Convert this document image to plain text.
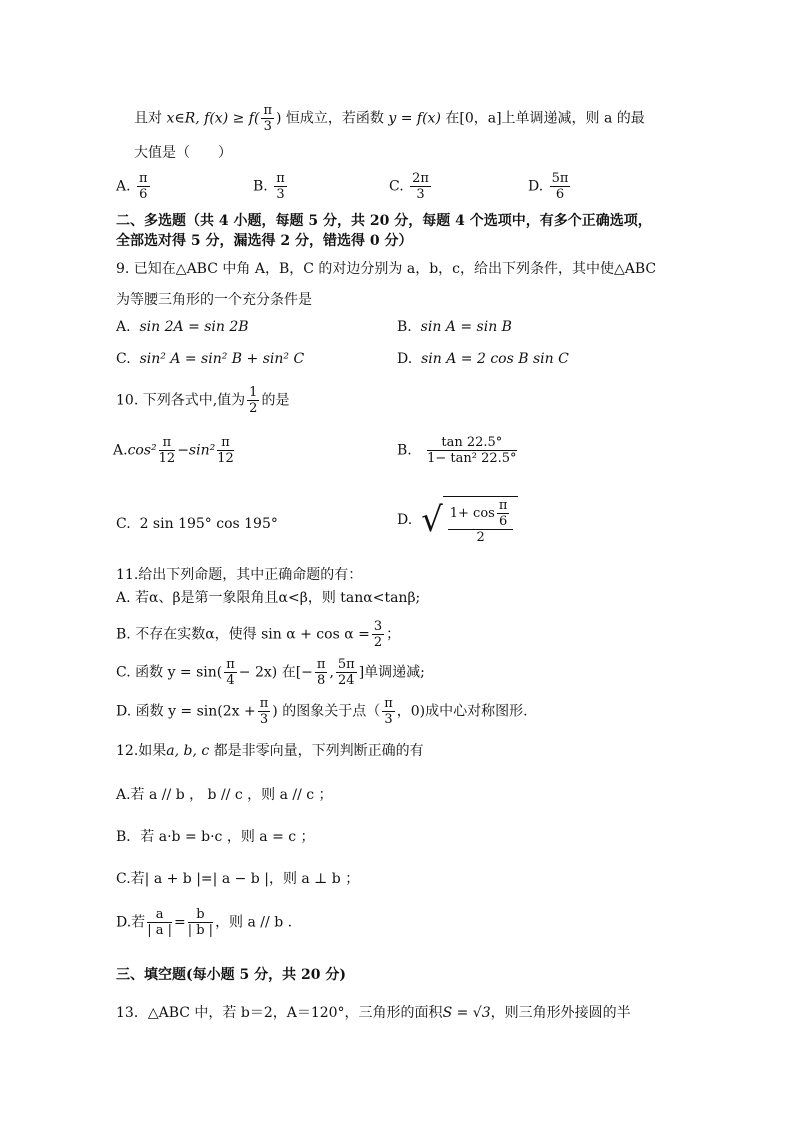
且对 x∈R, $f(x) \ge f( \frac{\pi}{3}$ ) 恒成立，若函数 y = f(x) 在[0，a]上单调递减，则 a 的最
大值是（　　）
A. $\frac{\pi}{6}$	B. $\frac{\pi}{3}$	C. $\frac{2\pi}{3}$	D. $\frac{5\pi}{6}$
二、多选题（共 4 小题，每题 5 分，共 20 分，每题 4 个选项中，有多个正确选项，
全部选对得 5 分，漏选得 2 分，错选得 0 分）
9. 已知在△ABC 中角 A，B，C 的对边分别为 a，b，c，给出下列条件，其中使△ABC
为等腰三角形的一个充分条件是
A. sin 2A = sin 2B	B. sin A = sin B
C. sin² A = sin² B + sin² C	D. sin A = 2 cos B sin C
10. 下列各式中,值为 $\frac{1}{2}$ 的是
$A.\cos^2 \frac{\pi}{12} -\sin^2 \frac{\pi}{12}$	B. $\frac{\tan 22.5^\circ}{\text{1− tan² 22.5°}}$
C. 2 sin 195° cos 195°	D. √ $\frac{1+ \cos \frac{\pi}{6}}{2}$
11.给出下列命题，其中正确命题的有：
A. 若α、β是第一象限角且α<β，则 tanα<tanβ;
B. 不存在实数α，使得 $\sin \alpha + \cos \alpha = \frac{3}{2}$ ；
C. 函数 $y = \sin( \frac{\pi}{4} - 2x)$ 在[− $\frac{\pi}{8}$ , $\frac{5\pi}{24}$ ]单调递减;
D. 函数 $y = \sin(2x + \frac{\pi}{3}$ ) 的图象关于点（ $\frac{\pi}{3}$ ，0)成中心对称图形.
12.如果a, b, c 都是非零向量，下列判断正确的有
A.若 a // b ， b // c ，则 a // c ；
B．若 a·b = b·c ，则 a = c ；
C.若| a + b |=| a − b |，则 a ⊥ b ；
D.若 $\frac{a}{| a |} = \frac{b}{| b |}$ ，则 a // b .
三、填空题(每小题 5 分，共 20 分)
13．△ABC 中，若 b＝2，A＝120°，三角形的面积S = √3，则三角形外接圆的半
